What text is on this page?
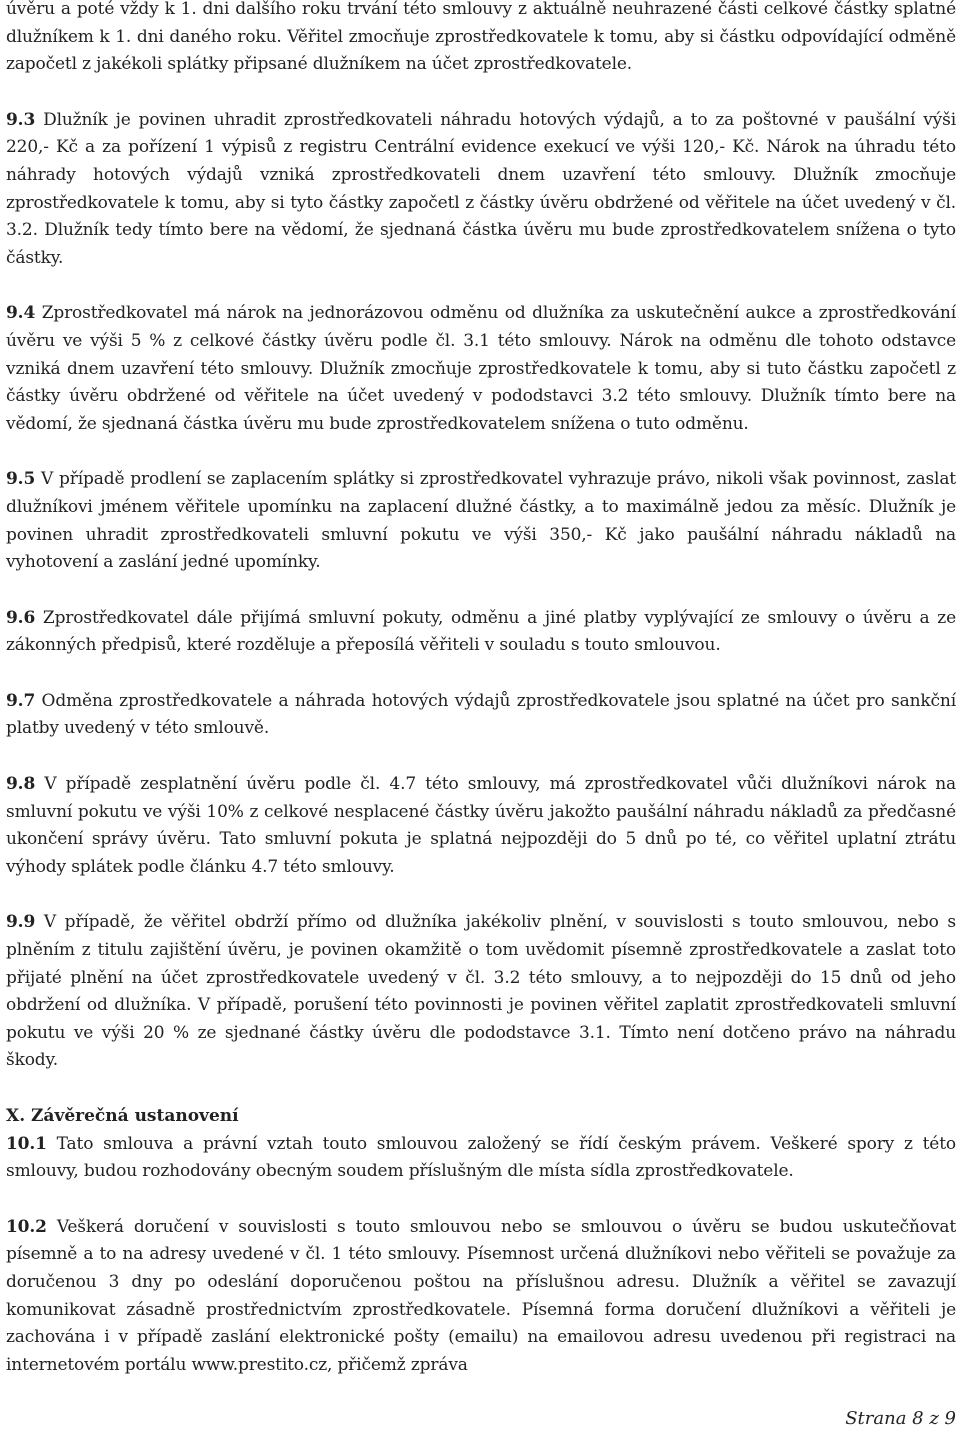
úvěru a poté vždy k 1. dni dalšího roku trvání této smlouvy z aktuálně neuhrazené části celkové částky splatné dlužníkem k 1. dni daného roku. Věřitel zmocňuje zprostředkovatele k tomu, aby si částku odpovídající odměně započetl z jakékoli splátky připsané dlužníkem na účet zprostředkovatele.

9.3 Dlužník je povinen uhradit zprostředkovateli náhradu hotových výdajů, a to za poštovné v paušální výši 220,- Kč a za pořízení 1 výpisů z registru Centrální evidence exekucí ve výši 120,- Kč. Nárok na úhradu této náhrady hotových výdajů vzniká zprostředkovateli dnem uzavření této smlouvy. Dlužník zmocňuje zprostředkovatele k tomu, aby si tyto částky započetl z částky úvěru obdržené od věřitele na účet uvedený v čl. 3.2. Dlužník tedy tímto bere na vědomí, že sjednaná částka úvěru mu bude zprostředkovatelem snížena o tyto částky.

9.4 Zprostředkovatel má nárok na jednorázovou odměnu od dlužníka za uskutečnění aukce a zprostředkování úvěru ve výši 5 % z celkové částky úvěru podle čl. 3.1 této smlouvy. Nárok na odměnu dle tohoto odstavce vzniká dnem uzavření této smlouvy. Dlužník zmocňuje zprostředkovatele k tomu, aby si tuto částku započetl z částky úvěru obdržené od věřitele na účet uvedený v pododstavci 3.2 této smlouvy. Dlužník tímto bere na vědomí, že sjednaná částka úvěru mu bude zprostředkovatelem snížena o tuto odměnu.

9.5 V případě prodlení se zaplacením splátky si zprostředkovatel vyhrazuje právo, nikoli však povinnost, zaslat dlužníkovi jménem věřitele upomínku na zaplacení dlužné částky, a to maximálně jedou za měsíc. Dlužník je povinen uhradit zprostředkovateli smluvní pokutu ve výši 350,- Kč jako paušální náhradu nákladů na vyhotovení a zaslání jedné upomínky.

9.6 Zprostředkovatel dále přijímá smluvní pokuty, odměnu a jiné platby vyplývající ze smlouvy o úvěru a ze zákonných předpisů, které rozděluje a přeposílá věřiteli v souladu s touto smlouvou.

9.7 Odměna zprostředkovatele a náhrada hotových výdajů zprostředkovatele jsou splatné na účet pro sankční platby uvedený v této smlouvě.

9.8 V případě zesplatnění úvěru podle čl. 4.7 této smlouvy, má zprostředkovatel vůči dlužníkovi nárok na smluvní pokutu ve výši 10% z celkové nesplacené částky úvěru jakožto paušální náhradu nákladů za předčasné ukončení správy úvěru. Tato smluvní pokuta je splatná nejpozději do 5 dnů po té, co věřitel uplatní ztrátu výhody splátek podle článku 4.7 této smlouvy.

9.9 V případě, že věřitel obdrží přímo od dlužníka jakékoliv plnění, v souvislosti s touto smlouvou, nebo s plněním z titulu zajištění úvěru, je povinen okamžitě o tom uvědomit písemně zprostředkovatele a zaslat toto přijaté plnění na účet zprostředkovatele uvedený v čl. 3.2 této smlouvy, a to nejpozději do 15 dnů od jeho obdržení od dlužníka. V případě, porušení této povinnosti je povinen věřitel zaplatit zprostředkovateli smluvní pokutu ve výši 20 % ze sjednané částky úvěru dle pododstavce 3.1. Tímto není dotčeno právo na náhradu škody.

X. Závěrečná ustanovení

10.1 Tato smlouva a právní vztah touto smlouvou založený se řídí českým právem. Veškeré spory z této smlouvy, budou rozhodovány obecným soudem příslušným dle místa sídla zprostředkovatele.

10.2 Veškerá doručení v souvislosti s touto smlouvou nebo se smlouvou o úvěru se budou uskutečňovat písemně a to na adresy uvedené v čl. 1 této smlouvy. Písemnost určená dlužníkovi nebo věřiteli se považuje za doručenou 3 dny po odeslání doporučenou poštou na příslušnou adresu. Dlužník a věřitel se zavazují komunikovat zásadně prostřednictvím zprostředkovatele. Písemná forma doručení dlužníkovi a věřiteli je zachována i v případě zaslání elektronické pošty (emailu) na emailovou adresu uvedenou při registraci na internetovém portálu www.prestito.cz, přičemž zpráva

Strana 8 z 9
